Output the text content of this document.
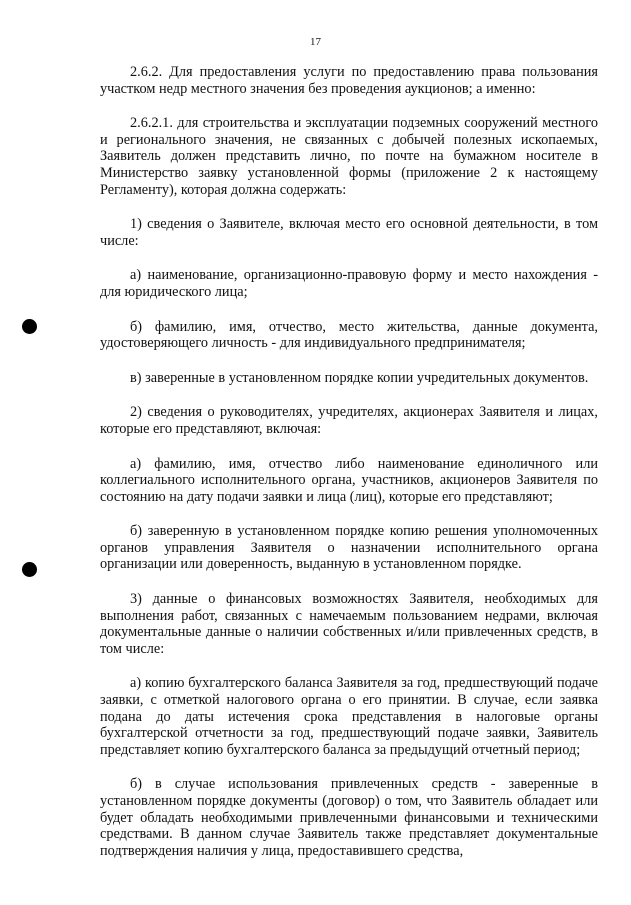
17

2.6.2. Для предоставления услуги по предоставлению права пользования участком недр местного значения без проведения аукционов; а именно:

2.6.2.1. для строительства и эксплуатации подземных сооружений местного и регионального значения, не связанных с добычей полезных ископаемых, Заявитель должен представить лично, по почте на бумажном носителе в Министерство заявку установленной формы (приложение 2 к настоящему Регламенту), которая должна содержать:

1) сведения о Заявителе, включая место его основной деятельности, в том числе:

а) наименование, организационно-правовую форму и место нахождения - для юридического лица;

б) фамилию, имя, отчество, место жительства, данные документа, удостоверяющего личность - для индивидуального предпринимателя;

в) заверенные в установленном порядке копии учредительных документов.

2) сведения о руководителях, учредителях, акционерах Заявителя и лицах, которые его представляют, включая:

а) фамилию, имя, отчество либо наименование единоличного или коллегиального исполнительного органа, участников, акционеров Заявителя по состоянию на дату подачи заявки и лица (лиц), которые его представляют;

б) заверенную в установленном порядке копию решения уполномоченных органов управления Заявителя о назначении исполнительного органа организации или доверенность, выданную в установленном порядке.

3) данные о финансовых возможностях Заявителя, необходимых для выполнения работ, связанных с намечаемым пользованием недрами, включая документальные данные о наличии собственных и/или привлеченных средств, в том числе:

а) копию бухгалтерского баланса Заявителя за год, предшествующий подаче заявки, с отметкой налогового органа о его принятии. В случае, если заявка подана до даты истечения срока представления в налоговые органы бухгалтерской отчетности за год, предшествующий подаче заявки, Заявитель представляет копию бухгалтерского баланса за предыдущий отчетный период;

б) в случае использования привлеченных средств - заверенные в установленном порядке документы (договор) о том, что Заявитель обладает или будет обладать необходимыми привлеченными финансовыми и техническими средствами. В данном случае Заявитель также представляет документальные подтверждения наличия у лица, предоставившего средства,
